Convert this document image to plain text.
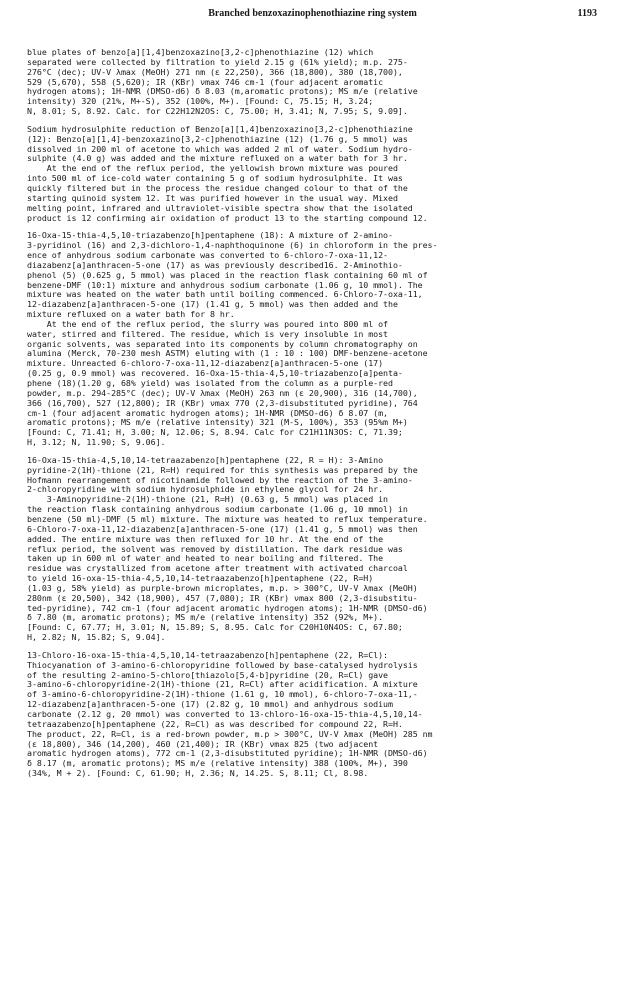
Branched benzoxazinophenothiazine ring system	1193

blue plates of benzo[a][1,4]benzoxazino[3,2-c]phenothiazine (12) which

separated were collected by filtration to yield 2.15 g (61% yield); m.p. 275-

276°C (dec); UV-V λmax (MeOH) 271 nm (ε 22,250), 366 (18,800), 380 (18,700),

529 (5,670), 558 (5,620); IR (KBr) νmax 746 cm-1 (four adjacent aromatic

hydrogen atoms); 1H-NMR (DMSO-d6) δ 8.03 (m,aromatic protons); MS m/e (relative

intensity) 320 (21%, M+-S), 352 (100%, M+). [Found: C, 75.15; H, 3.24;

N, 8.01; S, 8.92. Calc. for C22H12N2OS: C, 75.00; H, 3.41; N, 7.95; S, 9.09].

Sodium hydrosulphite reduction of Benzo[a][1,4]benzoxazino[3,2-c]phenothiazine

(12): Benzo[a][1,4]-benzoxazino[3,2-c]phenothiazine (12) (1.76 g, 5 mmol) was

dissolved in 200 ml of acetone to which was added 2 ml of water. Sodium hydro-

sulphite (4.0 g) was added and the mixture refluxed on a water bath for 3 hr.

At the end of the reflux period, the yellowish brown mixture was poured

into 500 ml of ice-cold water containing 5 g of sodium hydrosulphite. It was

quickly filtered but in the process the residue changed colour to that of the

starting quinoid system 12. It was purified however in the usual way. Mixed

melting point, infrared and ultraviolet-visible spectra show that the isolated

product is 12 confirming air oxidation of product 13 to the starting compound 12.

16-Oxa-15-thia-4,5,10-triazabenzo[h]pentaphene (18): A mixture of 2-amino-

3-pyridinol (16) and 2,3-dichloro-1,4-naphthoquinone (6) in chloroform in the pres-

ence of anhydrous sodium carbonate was converted to 6-chloro-7-oxa-11,12-

diazabenz[a]anthracen-5-one (17) as was previously described16. 2-Aminothio-

phenol (5) (0.625 g, 5 mmol) was placed in the reaction flask containing 60 ml of

benzene-DMF (10:1) mixture and anhydrous sodium carbonate (1.06 g, 10 mmol). The

mixture was heated on the water bath until boiling commenced. 6-Chloro-7-oxa-11,

12-diazabenz[a]anthracen-5-one (17) (1.41 g, 5 mmol) was then added and the

mixture refluxed on a water bath for 8 hr.

At the end of the reflux period, the slurry was poured into 800 ml of

water, stirred and filtered. The residue, which is very insoluble in most

organic solvents, was separated into its components by column chromatography on

alumina (Merck, 70-230 mesh ASTM) eluting with (1 : 10 : 100) DMF-benzene-acetone

mixture. Unreacted 6-chloro-7-oxa-11,12-diazabenz[a]anthracen-5-one (17)

(0.25 g, 0.9 mmol) was recovered. 16-Oxa-15-thia-4,5,10-triazabenzo[a]penta-

phene (18)(1.20 g, 68% yield) was isolated from the column as a purple-red

powder, m.p. 294-285°C (dec); UV-V λmax (MeOH) 263 nm (ε 20,900), 316 (14,700),

366 (16,700), 527 (12,800); IR (KBr) νmax 770 (2,3-disubstituted pyridine), 764

cm-1 (four adjacent aromatic hydrogen atoms); 1H-NMR (DMSO-d6) δ 8.07 (m,

aromatic protons); MS m/e (relative intensity) 321 (M-S, 100%), 353 (95%m M+)

[Found: C, 71.41; H, 3.00; N, 12.06; S, 8.94. Calc for C21H11N3OS: C, 71.39;

H, 3.12; N, 11.90; S, 9.06].

16-Oxa-15-thia-4,5,10,14-tetraazabenzo[h]pentaphene (22, R = H): 3-Amino

pyridine-2(1H)-thione (21, R=H) required for this synthesis was prepared by the

Hofmann rearrangement of nicotinamide followed by the reaction of the 3-amino-

2-chloropyridine with sodium hydrosulphide in ethylene glycol for 24 hr.

3-Aminopyridine-2(1H)-thione (21, R=H) (0.63 g, 5 mmol) was placed in

the reaction flask containing anhydrous sodium carbonate (1.06 g, 10 mmol) in

benzene (50 ml)-DMF (5 ml) mixture. The mixture was heated to reflux temperature.

6-Chloro-7-oxa-11,12-diazabenz[a]anthracen-5-one (17) (1.41 g, 5 mmol) was then

added. The entire mixture was then refluxed for 10 hr. At the end of the

reflux period, the solvent was removed by distillation. The dark residue was

taken up in 600 ml of water and heated to near boiling and filtered. The

residue was crystallized from acetone after treatment with activated charcoal

to yield 16-oxa-15-thia-4,5,10,14-tetraazabenzo[h]pentaphene (22, R=H)

(1.03 g, 58% yield) as purple-brown microplates, m.p. > 300°C, UV-V λmax (MeOH)

280nm (ε 20,500), 342 (18,900), 457 (7,080); IR (KBr) νmax 800 (2,3-disubstitu-

ted-pyridine), 742 cm-1 (four adjacent aromatic hydrogen atoms); 1H-NMR (DMSO-d6)

δ 7.80 (m, aromatic protons); MS m/e (relative intensity) 352 (92%, M+).

[Found: C, 67.77; H, 3.01; N, 15.89; S, 8.95. Calc for C20H10N4OS: C, 67.80;

H, 2.82; N, 15.82; S, 9.04].

13-Chloro-16-oxa-15-thia-4,5,10,14-tetraazabenzo[h]pentaphene (22, R=Cl):

Thiocyanation of 3-amino-6-chloropyridine followed by base-catalysed hydrolysis

of the resulting 2-amino-5-chloro[thiazolo[5,4-b]pyridine (20, R=Cl) gave

3-amino-6-chloropyridine-2(1H)-thione (21, R=Cl) after acidification. A mixture

of 3-amino-6-chloropyridine-2(1H)-thione (1.61 g, 10 mmol), 6-chloro-7-oxa-11,-

12-diazabenz[a]anthracen-5-one (17) (2.82 g, 10 mmol) and anhydrous sodium

carbonate (2.12 g, 20 mmol) was converted to 13-chloro-16-oxa-15-thia-4,5,10,14-

tetraazabenzo[h]pentaphene (22, R=Cl) as was described for compound 22, R=H.

The product, 22, R=Cl, is a red-brown powder, m.p > 300°C, UV-V λmax (MeOH) 285 nm

(ε 18,800), 346 (14,200), 460 (21,400); IR (KBr) νmax 825 (two adjacent

aromatic hydrogen atoms), 772 cm-1 (2,3-disubstituted pyridine); 1H-NMR (DMSO-d6)

δ 8.17 (m, aromatic protons); MS m/e (relative intensity) 388 (100%, M+), 390

(34%, M + 2). [Found: C, 61.90; H, 2.36; N, 14.25. S, 8.11; Cl, 8.98.
